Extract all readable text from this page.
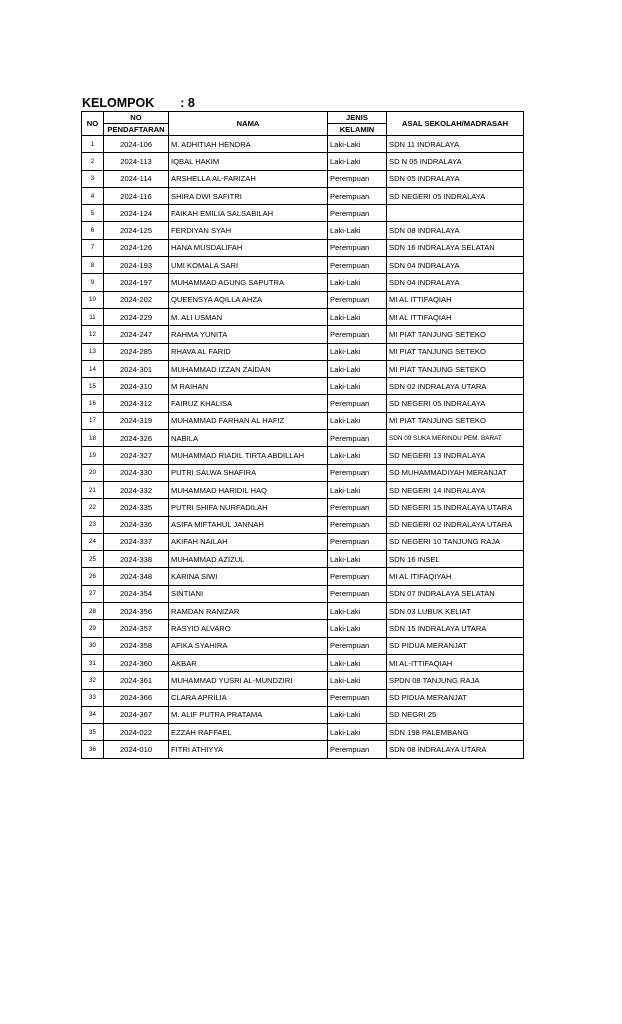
KELOMPOK : 8
NO	NO	NAMA	JENIS	ASAL SEKOLAH/MADRASAH
	PENDAFTARAN		KELAMIN	
1	2024-106	M. ADHITIAH HENDRA	Laki-Laki	SDN 11 INDRALAYA
2	2024-113	IQBAL HAKIM	Laki-Laki	SD N 05 INDRALAYA
3	2024-114	ARSHELLA AL-FARIZAH	Perempuan	SDN 05 INDRALAYA
4	2024-116	SHIRA DWI SAFITRI	Perempuan	SD NEGERI 05 INDRALAYA
5	2024-124	FAIKAH EMILIA SALSABILAH	Perempuan	
6	2024-125	FERDIYAN SYAH	Laki-Laki	SDN 08 INDRALAYA
7	2024-126	HANA MUSDALIFAH	Perempuan	SDN 16 INDRALAYA SELATAN
8	2024-193	UMI KOMALA SARI	Perempuan	SDN 04 INDRALAYA
9	2024-197	MUHAMMAD AGUNG SAPUTRA	Laki-Laki	SDN 04 INDRALAYA
10	2024-202	QUEENSYA AQILLA AHZA	Perempuan	MI AL ITTIFAQIAH
11	2024-229	M. ALI USMAN	Laki-Laki	MI AL ITTIFAQIAH
12	2024-247	RAHMA YUNITA	Perempuan	MI PIAT TANJUNG SETEKO
13	2024-285	RHAVA AL FARID	Laki-Laki	MI PIAT TANJUNG SETEKO
14	2024-301	MUHAMMAD IZZAN ZAIDAN	Laki-Laki	MI PIAT TANJUNG SETEKO
15	2024-310	M RAIHAN	Laki-Laki	SDN 02 INDRALAYA UTARA
16	2024-312	FAIRUZ KHALISA	Perempuan	SD NEGERI 05 INDRALAYA
17	2024-319	MUHAMMAD FARHAN AL HAFIZ	Laki-Laki	MI PIAT TANJUNG SETEKO
18	2024-326	NABILA	Perempuan	SDN 09 SUKA MERINDU PEM. BARAT
19	2024-327	MUHAMMAD RIADIL TIRTA ABDILLAH	Laki-Laki	SD NEGERI 13 INDRALAYA
20	2024-330	PUTRI SALWA SHAFIRA	Perempuan	SD MUHAMMADIYAH MERANJAT
21	2024-332	MUHAMMAD HARIDIL HAQ	Laki-Laki	SD NEGERI 14 INDRALAYA
22	2024-335	PUTRI SHIFA NURFADILAH	Perempuan	SD NEGERI 15 INDRALAYA UTARA
23	2024-336	ASIFA MIFTAHUL JANNAH	Perempuan	SD NEGERI 02 INDRALAYA UTARA
24	2024-337	AKIFAH NAILAH	Perempuan	SD NEGERI 10 TANJUNG RAJA
25	2024-338	MUHAMMAD AZIZUL	Laki-Laki	SDN 16 INSEL
26	2024-348	KARINA SIWI	Perempuan	MI AL ITIFAQIYAH
27	2024-354	SINTIANI	Perempuan	SDN 07 INDRALAYA SELATAN
28	2024-356	RAMDAN RANIZAR	Laki-Laki	SDN 03 LUBUK KELIAT
29	2024-357	RASYID ALVARO	Laki-Laki	SDN 15 INDRALAYA UTARA
30	2024-358	AFIKA SYAHIRA	Perempuan	SD PIDUA MERANJAT
31	2024-360	AKBAR	Laki-Laki	MI AL-ITTIFAQIAH
32	2024-361	MUHAMMAD YUSRI AL-MUNDZIRI	Laki-Laki	SPDN 08 TANJUNG RAJA
33	2024-366	CLARA APRILIA	Perempuan	SD PIDUA MERANJAT
34	2024-367	M. ALIF PUTRA PRATAMA	Laki-Laki	SD NEGRI 25
35	2024-022	EZZAH RAFFAEL	Laki-Laki	SDN 198 PALEMBANG
36	2024-010	FITRI ATHIYYA	Perempuan	SDN 08 INDRALAYA UTARA
